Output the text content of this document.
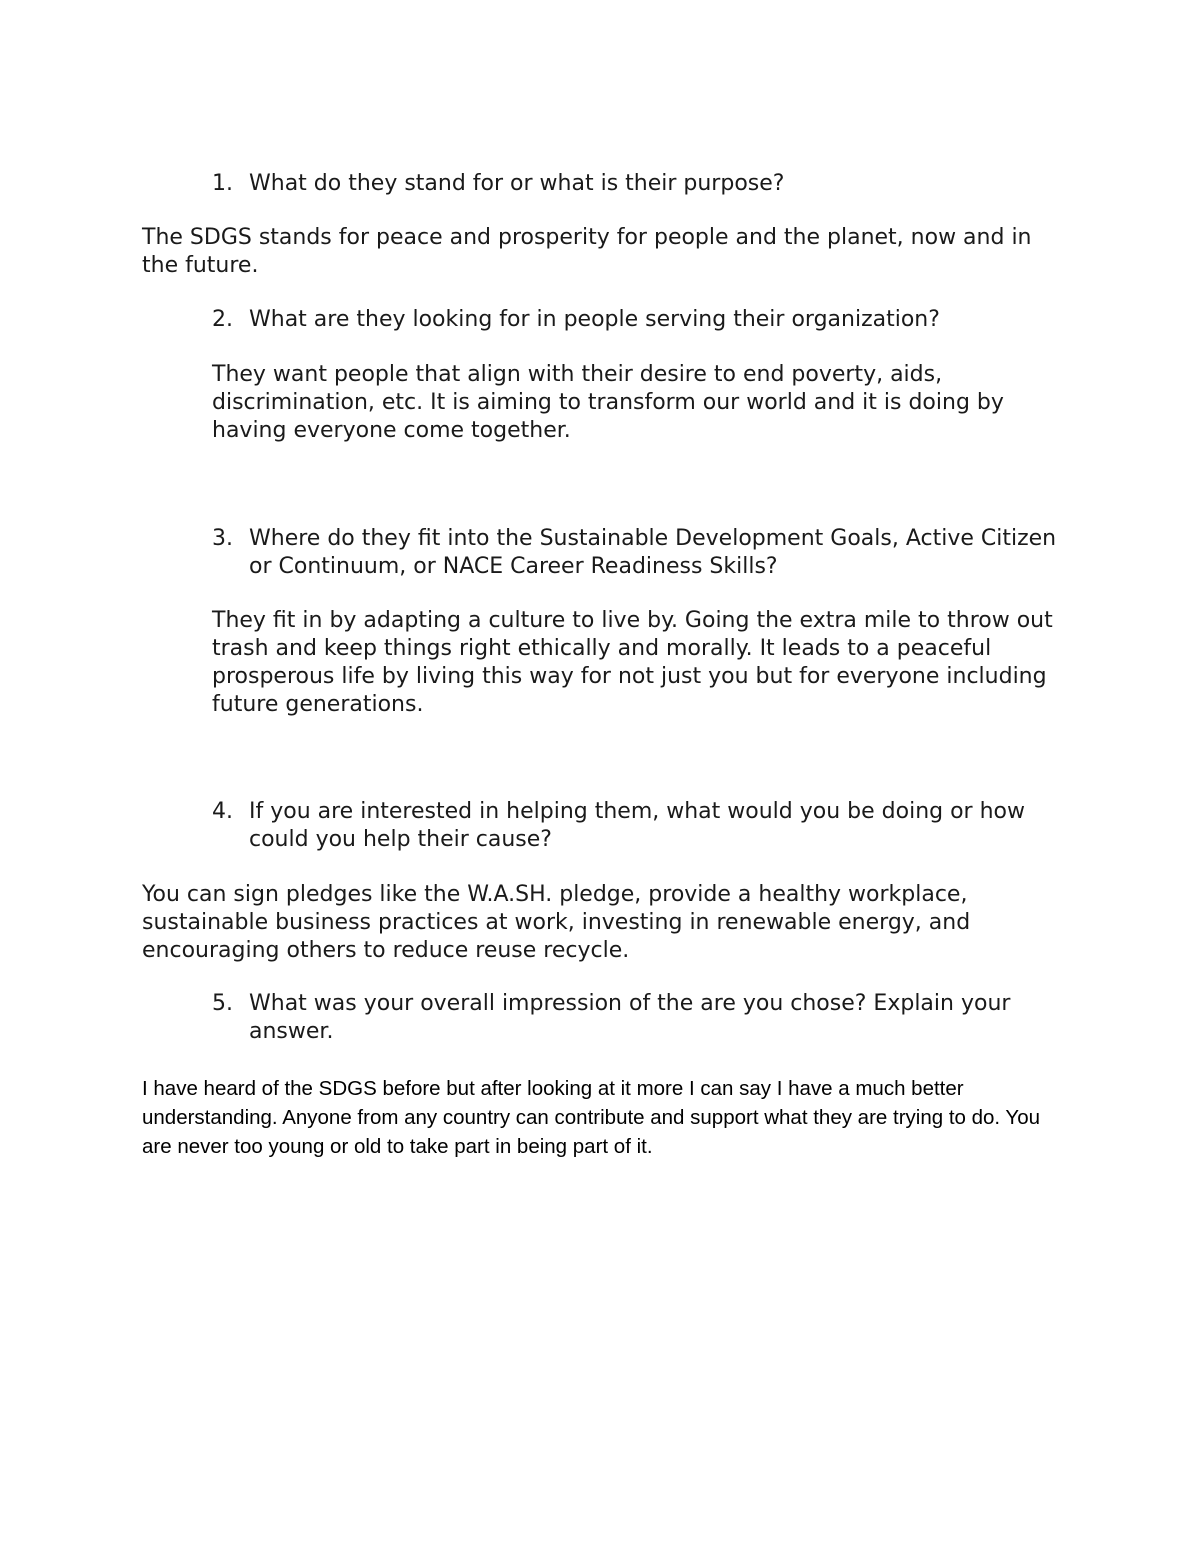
1. What do they stand for or what is their purpose?

The SDGS stands for peace and prosperity for people and the planet, now and in the future.

2. What are they looking for in people serving their organization?

They want people that align with their desire to end poverty, aids, discrimination, etc. It is aiming to transform our world and it is doing by having everyone come together.

3. Where do they fit into the Sustainable Development Goals, Active Citizen or Continuum, or NACE Career Readiness Skills?

They fit in by adapting a culture to live by. Going the extra mile to throw out trash and keep things right ethically and morally. It leads to a peaceful prosperous life by living this way for not just you but for everyone including future generations.

4. If you are interested in helping them, what would you be doing or how could you help their cause?

You can sign pledges like the W.A.SH. pledge, provide a healthy workplace, sustainable business practices at work, investing in renewable energy, and encouraging others to reduce reuse recycle.

5. What was your overall impression of the are you chose? Explain your answer.

I have heard of the SDGS before but after looking at it more I can say I have a much better understanding. Anyone from any country can contribute and support what they are trying to do. You are never too young or old to take part in being part of it.
